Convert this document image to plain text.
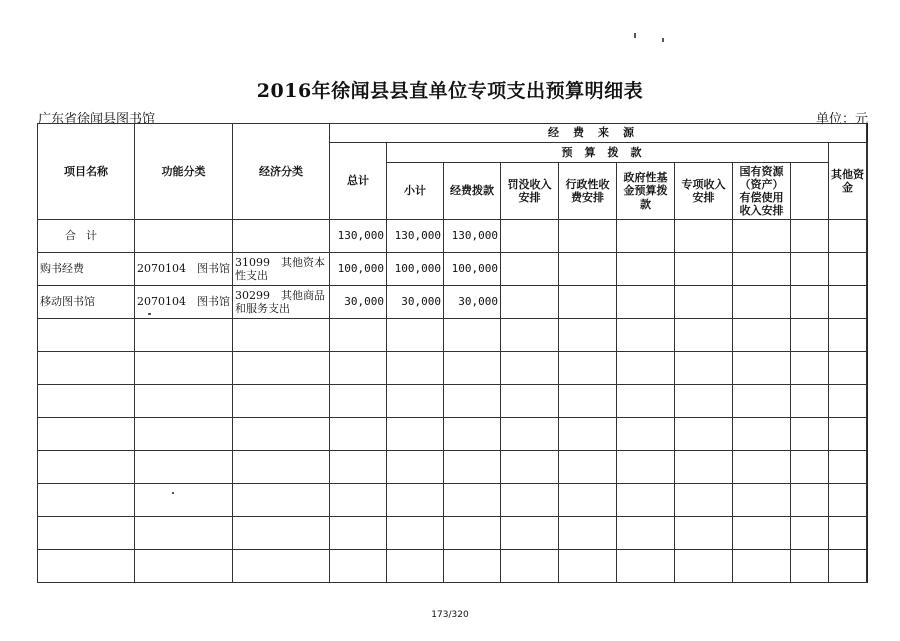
2016年徐闻县县直单位专项支出预算明细表
广东省徐闻县图书馆	单位：元
项目名称	功能分类	经济分类	经费来源										
			总计	预算拨款								其他资金	
				小计	经费拨款	罚没收入安排	行政性收费安排	政府性基金预算拨款	专项收入安排	国有资源（资产）有偿使用收入安排			
合计			130,000	130,000	130,000								
购书经费	2070104　图书馆	31099　其他资本性支出	100,000	100,000	100,000								
移动图书馆	2070104　图书馆	30299　其他商品和服务支出	30,000	30,000	30,000								

173/320
